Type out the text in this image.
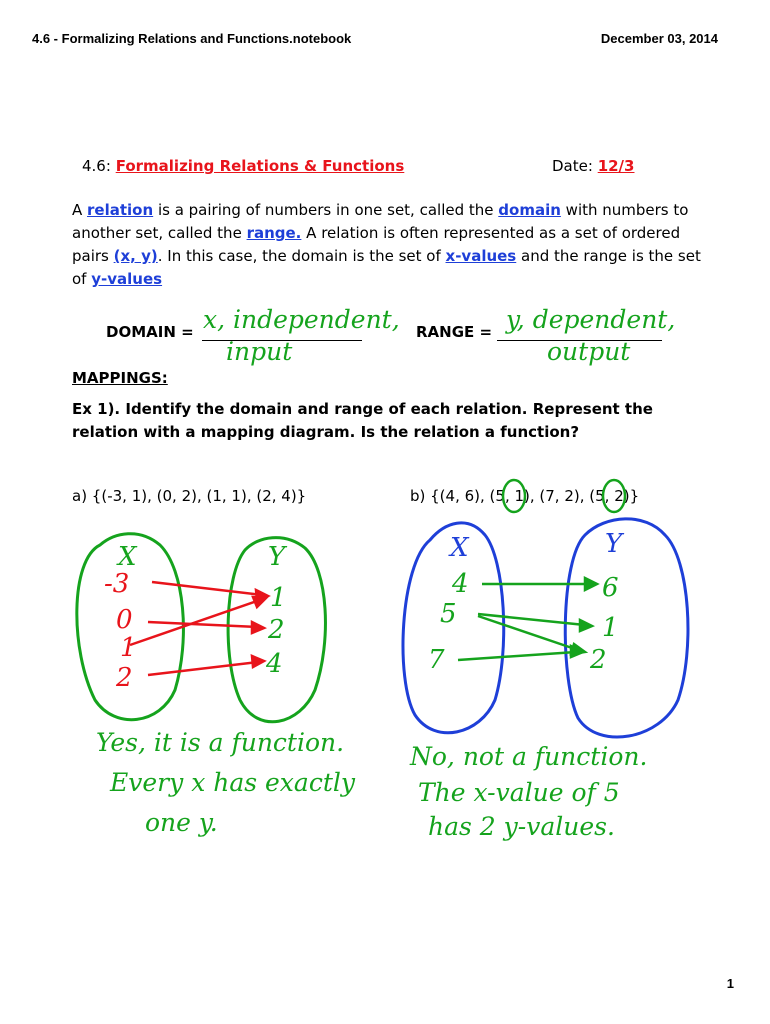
4.6 - Formalizing Relations and Functions.notebook	December 03, 2014
4.6: Formalizing Relations & Functions	Date: 12/3
A relation is a pairing of numbers in one set, called the domain with numbers to another set, called the range. A relation is often represented as a set of ordered pairs (x, y). In this case, the domain is the set of x-values and the range is the set of y-values
DOMAIN = x, independent,
input
RANGE = y, dependent,
output
MAPPINGS:
Ex 1). Identify the domain and range of each relation. Represent the relation with a mapping diagram. Is the relation a function?
a) {(-3, 1), (0, 2), (1, 1), (2, 4)}	b) {(4, 6), (5, 1), (7, 2), (5, 2)}
X	Y
-3
0
1
2
1
2
4
X	Y
4
5
7
6
1
2
Yes, it is a function.
Every x has exactly
one y.
No, not a function.
The x-value of 5
has 2 y-values.
1
